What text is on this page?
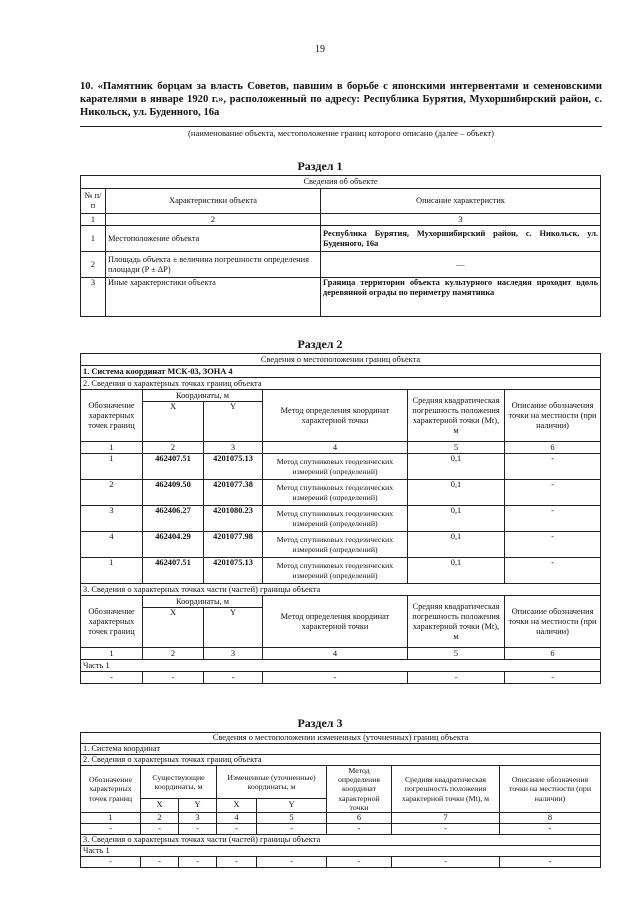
19
10. «Памятник борцам за власть Советов, павшим в борьбе с японскими интервентами и семеновскими карателями в январе 1920 г.», расположенный по адресу: Республика Бурятия, Мухоршибирский район, с. Никольск, ул. Буденного, 16а
(наименование объекта, местоположение границ которого описано (далее – объект)
Раздел 1
Сведения об объекте		
№ п/п	Характеристики объекта	Описание характеристик
1	2	3
1	Местоположение объекта	Республика Бурятия, Мухоршибирский район, с. Никольск, ул. Буденного, 16а
2	Площадь объекта ± величина погрешности определения площади (P ± ΔP)	—
3	Иные характеристики объекта	Граница территории объекта культурного наследия проходит вдоль деревянной ограды по периметру памятника
Раздел 2
Сведения о местоположении границ объекта					
1. Система координат МСК-03, ЗОНА 4					
2. Сведения о характерных точках границ объекта					
Обозначение характерных точек границ	Координаты, м		Метод определения координат характерной точки	Средняя квадратическая погрешность положения характерной точки (Mt), м	Описание обозначения точки на местности (при наличии)
	X	Y			
1	2	3	4	5	6
1	462407.51	4201075.13	Метод спутниковых геодезических измерений (определений)	0,1	-
2	462409.50	4201077.38	Метод спутниковых геодезических измерений (определений)	0,1	-
3	462406.27	4201080.23	Метод спутниковых геодезических измерений (определений)	0,1	-
4	462404.29	4201077.98	Метод спутниковых геодезических измерений (определений)	0,1	-
1	462407.51	4201075.13	Метод спутниковых геодезических измерений (определений)	0,1	-
3. Сведения о характерных точках части (частей) границы объекта					
Обозначение характерных точек границ	Координаты, м		Метод определения координат характерной точки	Средняя квадратическая погрешность положения характерной точки (Mt), м	Описание обозначения точки на местности (при наличии)
	X	Y			
1	2	3	4	5	6
Часть 1					
-	-	-	-	-	-
Раздел 3
Сведения о местоположении измененных (уточненных) границ объекта							
1. Система координат							
2. Сведения о характерных точках границ объекта							
Обозначение характерных точек границ	Существующие координаты, м		Измененные (уточненные) координаты, м		Метод определения координат характерной точки	Средняя квадратическая погрешность положения характерной точки (Mt), м	Описание обозначения точки на местности (при наличии)
	X	Y	X	Y			
1	2	3	4	5	6	7	8
-	-	-	-	-	-	-	-
3. Сведения о характерных точках части (частей) границы объекта							
Часть 1							
-	-	-	-	-	-	-	-
